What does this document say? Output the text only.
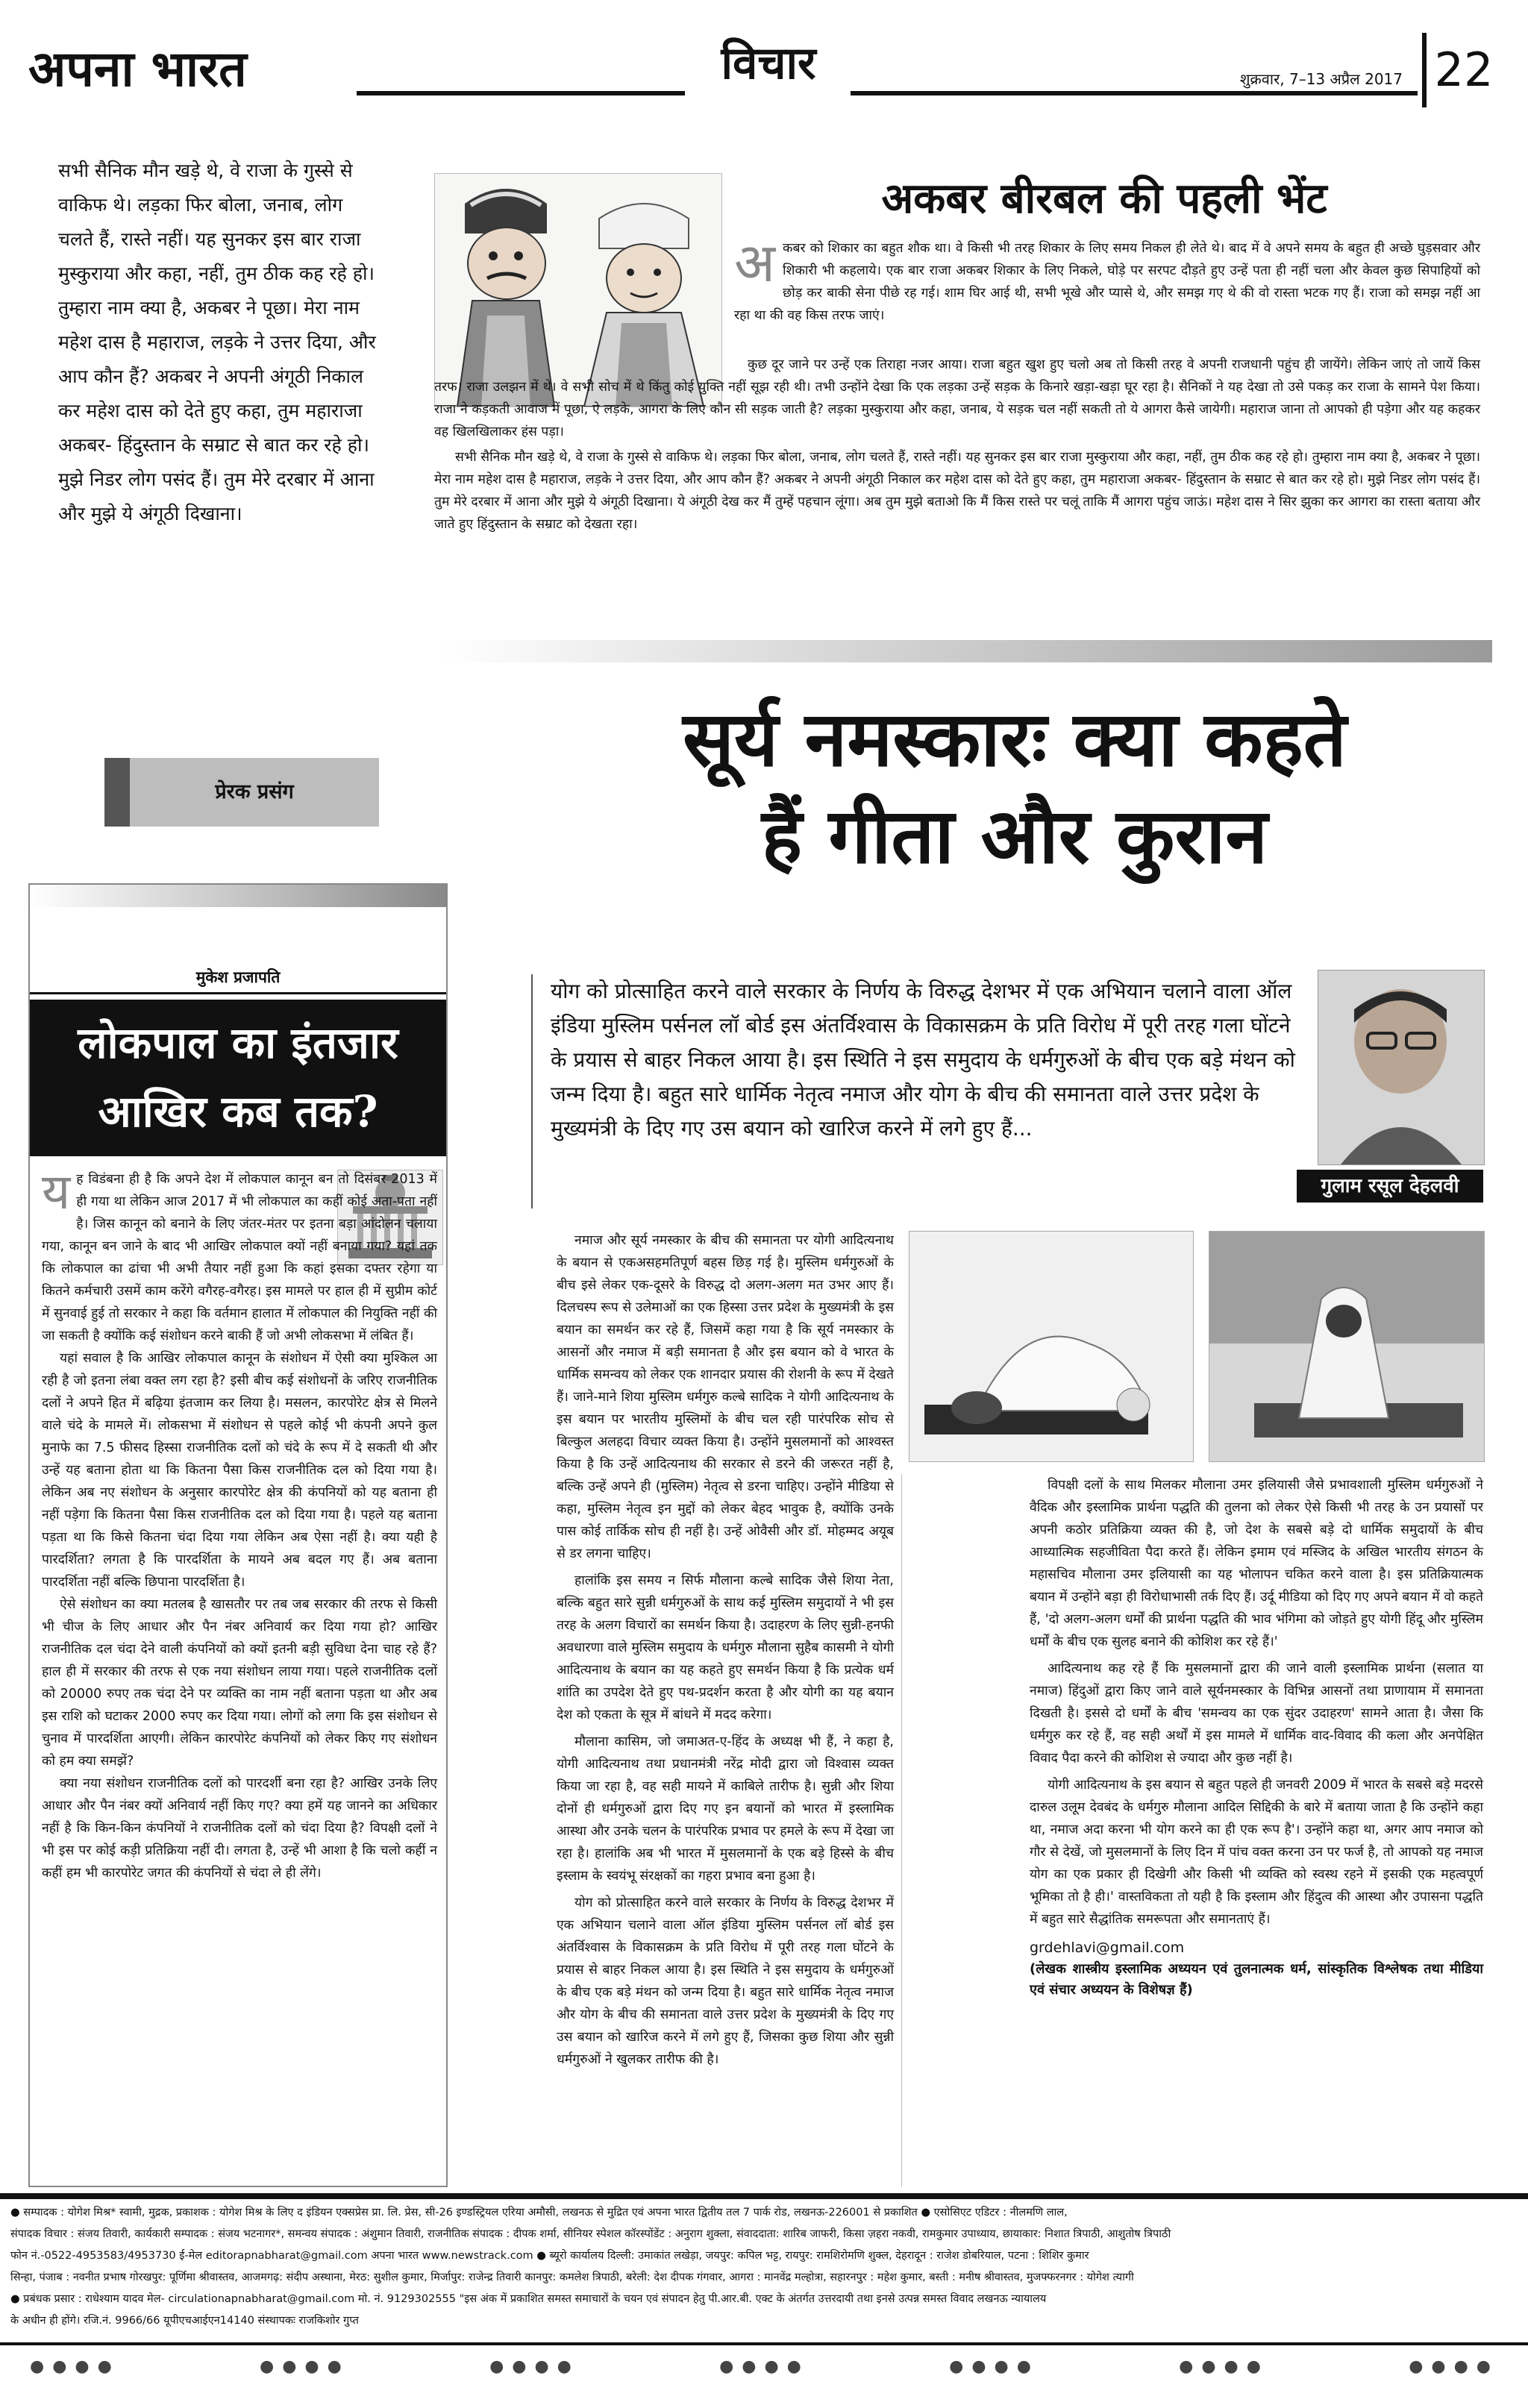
अपना भारत	विचार	शुक्रवार, 7–13 अप्रैल 2017 22

सभी सैनिक मौन खड़े थे, वे राजा के गुस्से से वाकिफ थे। लड़का फिर बोला, जनाब, लोग चलते हैं, रास्ते नहीं। यह सुनकर इस बार राजा मुस्कुराया और कहा, नहीं, तुम ठीक कह रहे हो। तुम्हारा नाम क्या है, अकबर ने पूछा। मेरा नाम महेश दास है महाराज, लड़के ने उत्तर दिया, और आप कौन हैं? अकबर ने अपनी अंगूठी निकाल कर महेश दास को देते हुए कहा, तुम महाराजा अकबर- हिंदुस्तान के सम्राट से बात कर रहे हो। मुझे निडर लोग पसंद हैं। तुम मेरे दरबार में आना और मुझे ये अंगूठी दिखाना।

अकबर बीरबल की पहली भेंट

अकबर को शिकार का बहुत शौक था। वे किसी भी तरह शिकार के लिए समय निकल ही लेते थे। बाद में वे अपने समय के बहुत ही अच्छे घुड़सवार और शिकारी भी कहलाये। एक बार राजा अकबर शिकार के लिए निकले, घोड़े पर सरपट दौड़ते हुए उन्हें पता ही नहीं चला और केवल कुछ सिपाहियों को छोड़ कर बाकी सेना पीछे रह गई। शाम घिर आई थी, सभी भूखे और प्यासे थे, और समझ गए थे की वो रास्ता भटक गए हैं। राजा को समझ नहीं आ रहा था की वह किस तरफ जाएं।

कुछ दूर जाने पर उन्हें एक तिराहा नजर आया। राजा बहुत खुश हुए चलो अब तो किसी तरह वे अपनी राजधानी पहुंच ही जायेंगे। लेकिन जाएं तो जायें किस तरफ। राजा उलझन में थे। वे सभी सोच में थे किंतु कोई युक्ति नहीं सूझ रही थी। तभी उन्होंने देखा कि एक लड़का उन्हें सड़क के किनारे खड़ा-खड़ा घूर रहा है। सैनिकों ने यह देखा तो उसे पकड़ कर राजा के सामने पेश किया। राजा ने कड़कती आवाज में पूछा, ऐ लड़के, आगरा के लिए कौन सी सड़क जाती है? लड़का मुस्कुराया और कहा, जनाब, ये सड़क चल नहीं सकती तो ये आगरा कैसे जायेगी। महाराज जाना तो आपको ही पड़ेगा और यह कहकर वह खिलखिलाकर हंस पड़ा।

सभी सैनिक मौन खड़े थे, वे राजा के गुस्से से वाकिफ थे। लड़का फिर बोला, जनाब, लोग चलते हैं, रास्ते नहीं। यह सुनकर इस बार राजा मुस्कुराया और कहा, नहीं, तुम ठीक कह रहे हो। तुम्हारा नाम क्या है, अकबर ने पूछा। मेरा नाम महेश दास है महाराज, लड़के ने उत्तर दिया, और आप कौन हैं? अकबर ने अपनी अंगूठी निकाल कर महेश दास को देते हुए कहा, तुम महाराजा अकबर- हिंदुस्तान के सम्राट से बात कर रहे हो। मुझे निडर लोग पसंद हैं। तुम मेरे दरबार में आना और मुझे ये अंगूठी दिखाना। ये अंगूठी देख कर मैं तुम्हें पहचान लूंगा। अब तुम मुझे बताओ कि मैं किस रास्ते पर चलूं ताकि मैं आगरा पहुंच जाऊं। महेश दास ने सिर झुका कर आगरा का रास्ता बताया और जाते हुए हिंदुस्तान के सम्राट को देखता रहा।

प्रेरक प्रसंग
मुकेश प्रजापति
लोकपाल का इंतजार
आखिर कब तक?

यह विडंबना ही है कि अपने देश में लोकपाल कानून बन तो दिसंबर 2013 में ही गया था लेकिन आज 2017 में भी लोकपाल का कहीं कोई अता-पता नहीं है। जिस कानून को बनाने के लिए जंतर-मंतर पर इतना बड़ा आंदोलन चलाया गया, कानून बन जाने के बाद भी आखिर लोकपाल क्यों नहीं बनाया गया? यहां तक कि लोकपाल का ढांचा भी अभी तैयार नहीं हुआ कि कहां इसका दफ्तर रहेगा या कितने कर्मचारी उसमें काम करेंगे वगैरह-वगैरह। इस मामले पर हाल ही में सुप्रीम कोर्ट में सुनवाई हुई तो सरकार ने कहा कि वर्तमान हालात में लोकपाल की नियुक्ति नहीं की जा सकती है क्योंकि कई संशोधन करने बाकी हैं जो अभी लोकसभा में लंबित हैं।

यहां सवाल है कि आखिर लोकपाल कानून के संशोधन में ऐसी क्या मुश्किल आ रही है जो इतना लंबा वक्त लग रहा है? इसी बीच कई संशोधनों के जरिए राजनीतिक दलों ने अपने हित में बढ़िया इंतजाम कर लिया है। मसलन, कारपोरेट क्षेत्र से मिलने वाले चंदे के मामले में। लोकसभा में संशोधन से पहले कोई भी कंपनी अपने कुल मुनाफे का 7.5 फीसद हिस्सा राजनीतिक दलों को चंदे के रूप में दे सकती थी और उन्हें यह बताना होता था कि कितना पैसा किस राजनीतिक दल को दिया गया है। लेकिन अब नए संशोधन के अनुसार कारपोरेट क्षेत्र की कंपनियों को यह बताना ही नहीं पड़ेगा कि कितना पैसा किस राजनीतिक दल को दिया गया है। पहले यह बताना पड़ता था कि किसे कितना चंदा दिया गया लेकिन अब ऐसा नहीं है। क्या यही है पारदर्शिता? लगता है कि पारदर्शिता के मायने अब बदल गए हैं। अब बताना पारदर्शिता नहीं बल्कि छिपाना पारदर्शिता है।

ऐसे संशोधन का क्या मतलब है खासतौर पर तब जब सरकार की तरफ से किसी भी चीज के लिए आधार और पैन नंबर अनिवार्य कर दिया गया हो? आखिर राजनीतिक दल चंदा देने वाली कंपनियों को क्यों इतनी बड़ी सुविधा देना चाह रहे हैं? हाल ही में सरकार की तरफ से एक नया संशोधन लाया गया। पहले राजनीतिक दलों को 20000 रुपए तक चंदा देने पर व्यक्ति का नाम नहीं बताना पड़ता था और अब इस राशि को घटाकर 2000 रुपए कर दिया गया। लोगों को लगा कि इस संशोधन से चुनाव में पारदर्शिता आएगी। लेकिन कारपोरेट कंपनियों को लेकर किए गए संशोधन को हम क्या समझें?

क्या नया संशोधन राजनीतिक दलों को पारदर्शी बना रहा है? आखिर उनके लिए आधार और पैन नंबर क्यों अनिवार्य नहीं किए गए? क्या हमें यह जानने का अधिकार नहीं है कि किन-किन कंपनियों ने राजनीतिक दलों को चंदा दिया है? विपक्षी दलों ने भी इस पर कोई कड़ी प्रतिक्रिया नहीं दी। लगता है, उन्हें भी आशा है कि चलो कहीं न कहीं हम भी कारपोरेट जगत की कंपनियों से चंदा ले ही लेंगे।

सूर्य नमस्कारः क्या कहते
हैं गीता और कुरान

योग को प्रोत्साहित करने वाले सरकार के निर्णय के विरुद्ध देशभर में एक अभियान चलाने वाला ऑल इंडिया मुस्लिम पर्सनल लॉ बोर्ड इस अंतर्विश्वास के विकासक्रम के प्रति विरोध में पूरी तरह गला घोंटने के प्रयास से बाहर निकल आया है। इस स्थिति ने इस समुदाय के धर्मगुरुओं के बीच एक बड़े मंथन को जन्म दिया है। बहुत सारे धार्मिक नेतृत्व नमाज और योग के बीच की समानता वाले उत्तर प्रदेश के मुख्यमंत्री के दिए गए उस बयान को खारिज करने में लगे हुए हैं...

गुलाम रसूल देहलवी

नमाज और सूर्य नमस्कार के बीच की समानता पर योगी आदित्यनाथ के बयान से एकअसहमतिपूर्ण बहस छिड़ गई है। मुस्लिम धर्मगुरुओं के बीच इसे लेकर एक-दूसरे के विरुद्ध दो अलग-अलग मत उभर आए हैं। दिलचस्प रूप से उलेमाओं का एक हिस्सा उत्तर प्रदेश के मुख्यमंत्री के इस बयान का समर्थन कर रहे हैं, जिसमें कहा गया है कि सूर्य नमस्कार के आसनों और नमाज में बड़ी समानता है और इस बयान को वे भारत के धार्मिक समन्वय को लेकर एक शानदार प्रयास की रोशनी के रूप में देखते हैं। जाने-माने शिया मुस्लिम धर्मगुरु कल्बे सादिक ने योगी आदित्यनाथ के इस बयान पर भारतीय मुस्लिमों के बीच चल रही पारंपरिक सोच से बिल्कुल अलहदा विचार व्यक्त किया है। उन्होंने मुसलमानों को आश्वस्त किया है कि उन्हें आदित्यनाथ की सरकार से डरने की जरूरत नहीं है, बल्कि उन्हें अपने ही (मुस्लिम) नेतृत्व से डरना चाहिए। उन्होंने मीडिया से कहा, मुस्लिम नेतृत्व इन मुद्दों को लेकर बेहद भावुक है, क्योंकि उनके पास कोई तार्किक सोच ही नहीं है। उन्हें ओवैसी और डॉ. मोहम्मद अयूब से डर लगना चाहिए।

हालांकि इस समय न सिर्फ मौलाना कल्बे सादिक जैसे शिया नेता, बल्कि बहुत सारे सुन्नी धर्मगुरुओं के साथ कई मुस्लिम समुदायों ने भी इस तरह के अलग विचारों का समर्थन किया है। उदाहरण के लिए सुन्नी-हनफी अवधारणा वाले मुस्लिम समुदाय के धर्मगुरु मौलाना सुहैब कासमी ने योगी आदित्यनाथ के बयान का यह कहते हुए समर्थन किया है कि प्रत्येक धर्म शांति का उपदेश देते हुए पथ-प्रदर्शन करता है और योगी का यह बयान देश को एकता के सूत्र में बांधने में मदद करेगा।

मौलाना कासिम, जो जमाअत-ए-हिंद के अध्यक्ष भी हैं, ने कहा है, योगी आदित्यनाथ तथा प्रधानमंत्री नरेंद्र मोदी द्वारा जो विश्वास व्यक्त किया जा रहा है, वह सही मायने में काबिले तारीफ है। सुन्नी और शिया दोनों ही धर्मगुरुओं द्वारा दिए गए इन बयानों को भारत में इस्लामिक आस्था और उनके चलन के पारंपरिक प्रभाव पर हमले के रूप में देखा जा रहा है। हालांकि अब भी भारत में मुसलमानों के एक बड़े हिस्से के बीच इस्लाम के स्वयंभू संरक्षकों का गहरा प्रभाव बना हुआ है।

योग को प्रोत्साहित करने वाले सरकार के निर्णय के विरुद्ध देशभर में एक अभियान चलाने वाला ऑल इंडिया मुस्लिम पर्सनल लॉ बोर्ड इस अंतर्विश्वास के विकासक्रम के प्रति विरोध में पूरी तरह गला घोंटने के प्रयास से बाहर निकल आया है। इस स्थिति ने इस समुदाय के धर्मगुरुओं के बीच एक बड़े मंथन को जन्म दिया है। बहुत सारे धार्मिक नेतृत्व नमाज और योग के बीच की समानता वाले उत्तर प्रदेश के मुख्यमंत्री के दिए गए उस बयान को खारिज करने में लगे हुए हैं, जिसका कुछ शिया और सुन्नी धर्मगुरुओं ने खुलकर तारीफ की है।

विपक्षी दलों के साथ मिलकर मौलाना उमर इलियासी जैसे प्रभावशाली मुस्लिम धर्मगुरुओं ने वैदिक और इस्लामिक प्रार्थना पद्धति की तुलना को लेकर ऐसे किसी भी तरह के उन प्रयासों पर अपनी कठोर प्रतिक्रिया व्यक्त की है, जो देश के सबसे बड़े दो धार्मिक समुदायों के बीच आध्यात्मिक सहजीविता पैदा करते हैं। लेकिन इमाम एवं मस्जिद के अखिल भारतीय संगठन के महासचिव मौलाना उमर इलियासी का यह भोलापन चकित करने वाला है। इस प्रतिक्रियात्मक बयान में उन्होंने बड़ा ही विरोधाभासी तर्क दिए हैं। उर्दू मीडिया को दिए गए अपने बयान में वो कहते हैं, 'दो अलग-अलग धर्मों की प्रार्थना पद्धति की भाव भंगिमा को जोड़ते हुए योगी हिंदू और मुस्लिम धर्मों के बीच एक सुलह बनाने की कोशिश कर रहे हैं।'

आदित्यनाथ कह रहे हैं कि मुसलमानों द्वारा की जाने वाली इस्लामिक प्रार्थना (सलात या नमाज) हिंदुओं द्वारा किए जाने वाले सूर्यनमस्कार के विभिन्न आसनों तथा प्राणायाम में समानता दिखती है। इससे दो धर्मों के बीच 'समन्वय का एक सुंदर उदाहरण' सामने आता है। जैसा कि धर्मगुरु कर रहे हैं, वह सही अर्थों में इस मामले में धार्मिक वाद-विवाद की कला और अनपेक्षित विवाद पैदा करने की कोशिश से ज्यादा और कुछ नहीं है।

योगी आदित्यनाथ के इस बयान से बहुत पहले ही जनवरी 2009 में भारत के सबसे बड़े मदरसे दारुल उलूम देवबंद के धर्मगुरु मौलाना आदिल सिद्दिकी के बारे में बताया जाता है कि उन्होंने कहा था, नमाज अदा करना भी योग करने का ही एक रूप है'। उन्होंने कहा था, अगर आप नमाज को गौर से देखें, जो मुसलमानों के लिए दिन में पांच वक्त करना उन पर फर्ज है, तो आपको यह नमाज योग का एक प्रकार ही दिखेगी और किसी भी व्यक्ति को स्वस्थ रहने में इसकी एक महत्वपूर्ण भूमिका तो है ही।' वास्तविकता तो यही है कि इस्लाम और हिंदुत्व की आस्था और उपासना पद्धति में बहुत सारे सैद्धांतिक समरूपता और समानताएं हैं।

grdehlavi@gmail.com

(लेखक शास्त्रीय इस्लामिक अध्ययन एवं तुलनात्मक धर्म, सांस्कृतिक विश्लेषक तथा मीडिया एवं संचार अध्ययन के विशेषज्ञ हैं)

● सम्पादक : योगेश मिश्र* स्वामी, मुद्रक, प्रकाशक : योगेश मिश्र के लिए द इंडियन एक्सप्रेस प्रा. लि. प्रेस, सी-26 इण्डस्ट्रियल एरिया अमौसी, लखनऊ से मुद्रित एवं अपना भारत द्वितीय तल 7 पार्क रोड, लखनऊ-226001 से प्रकाशित ● एसोसिएट एडिटर : नीलमणि लाल,
संपादक विचार : संजय तिवारी, कार्यकारी सम्पादक : संजय भटनागर*, समन्वय संपादक : अंशुमान तिवारी, राजनीतिक संपादक : दीपक शर्मा, सीनियर स्पेशल कॉरस्पोंडेंट : अनुराग शुक्ला, संवाददाता: शारिब जाफरी, किसा ज़हरा नकवी, रामकुमार उपाध्याय, छायाकार: निशात त्रिपाठी, आशुतोष त्रिपाठी
फोन नं.-0522-4953583/4953730 ई-मेल editorapnabharat@gmail.com अपना भारत www.newstrack.com ● ब्यूरो कार्यालय दिल्ली: उमाकांत लखेड़ा, जयपुर: कपिल भट्ट, रायपुर: रामशिरोमणि शुक्ल, देहरादून : राजेश डोबरियाल, पटना : शिशिर कुमार
सिन्हा, पंजाब : नवनीत प्रभाष गोरखपुर: पूर्णिमा श्रीवास्तव, आजमगढ़: संदीप अस्थाना, मेरठ: सुशील कुमार, मिर्जापुर: राजेन्द्र तिवारी कानपुर: कमलेश त्रिपाठी, बरेली: देश दीपक गंगवार, आगरा : मानवेंद्र मल्होत्रा, सहारनपुर : महेश कुमार, बस्ती : मनीष श्रीवास्तव, मुजफ्फरनगर : योगेश त्यागी
● प्रबंधक प्रसार : राधेश्याम यादव मेल- circulationapnabharat@gmail.com मो. नं. 9129302555 "इस अंक में प्रकाशित समस्त समाचारों के चयन एवं संपादन हेतु पी.आर.बी. एक्ट के अंतर्गत उत्तरदायी तथा इनसे उत्पन्न समस्त विवाद लखनऊ न्यायालय
के अधीन ही होंगे। रजि.नं. 9966/66 यूपीएचआईएन14140 संस्थापकः राजकिशोर गुप्त
● ● ● ●	● ● ● ●	● ● ● ●	● ● ● ●	● ● ● ●	● ● ● ●	● ● ● ●
